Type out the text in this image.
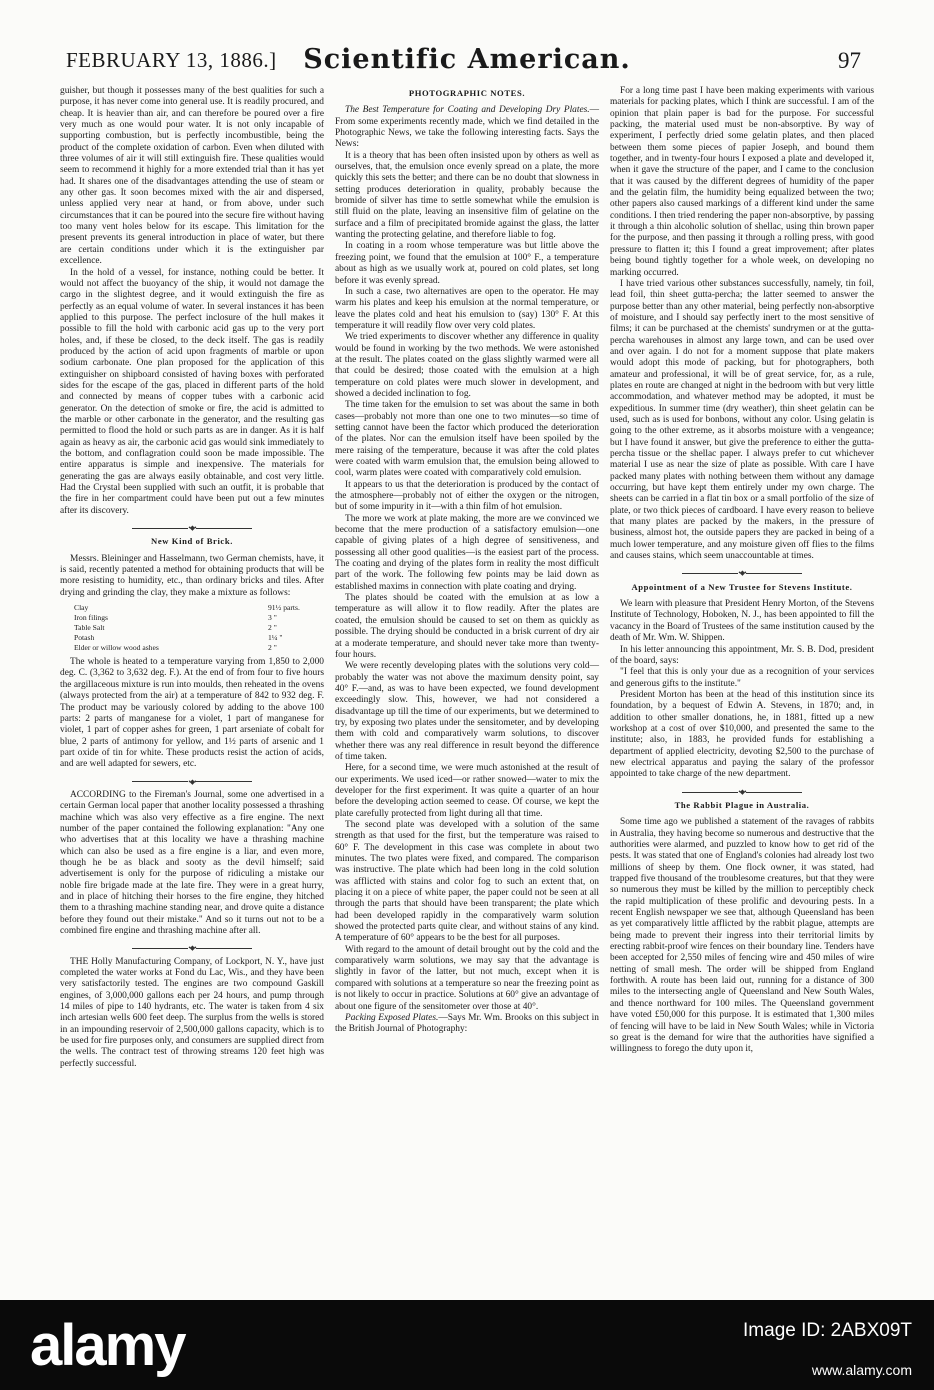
FEBRUARY 13, 1886.] Scientific American.	97

guisher, but though it possesses many of the best qualities for such a purpose, it has never come into general use. It is readily procured, and cheap. It is heavier than air, and can therefore be poured over a fire very much as one would pour water. It is not only incapable of supporting combustion, but is perfectly incombustible, being the product of the complete oxidation of carbon. Even when diluted with three volumes of air it will still extinguish fire. These qualities would seem to recommend it highly for a more extended trial than it has yet had. It shares one of the disadvantages attending the use of steam or any other gas. It soon becomes mixed with the air and dispersed, unless applied very near at hand, or from above, under such circumstances that it can be poured into the secure fire without having too many vent holes below for its escape. This limitation for the present prevents its general introduction in place of water, but there are certain conditions under which it is the extinguisher par excellence.

In the hold of a vessel, for instance, nothing could be better. It would not affect the buoyancy of the ship, it would not damage the cargo in the slightest degree, and it would extinguish the fire as perfectly as an equal volume of water. In several instances it has been applied to this purpose. The perfect inclosure of the hull makes it possible to fill the hold with carbonic acid gas up to the very port holes, and, if these be closed, to the deck itself. The gas is readily produced by the action of acid upon fragments of marble or upon sodium carbonate. One plan proposed for the application of this extinguisher on shipboard consisted of having boxes with perforated sides for the escape of the gas, placed in different parts of the hold and connected by means of copper tubes with a carbonic acid generator. On the detection of smoke or fire, the acid is admitted to the marble or other carbonate in the generator, and the resulting gas permitted to flood the hold or such parts as are in danger. As it is half again as heavy as air, the carbonic acid gas would sink immediately to the bottom, and conflagration could soon be made impossible. The entire apparatus is simple and inexpensive. The materials for generating the gas are always easily obtainable, and cost very little. Had the Crystal been supplied with such an outfit, it is probable that the fire in her compartment could have been put out a few minutes after its discovery.

•◆•
New Kind of Brick.

Messrs. Bleininger and Hasselmann, two German chemists, have, it is said, recently patented a method for obtaining products that will be more resisting to humidity, etc., than ordinary bricks and tiles. After drying and grinding the clay, they make a mixture as follows:

Clay	91½ parts.
Iron filings	3 "
Table Salt	2 "
Potash	1¼ "
Elder or willow wood ashes	2 "

The whole is heated to a temperature varying from 1,850 to 2,000 deg. C. (3,362 to 3,632 deg. F.). At the end of from four to five hours the argillaceous mixture is run into moulds, then reheated in the ovens (always protected from the air) at a temperature of 842 to 932 deg. F. The product may be variously colored by adding to the above 100 parts: 2 parts of manganese for a violet, 1 part of manganese for violet, 1 part of copper ashes for green, 1 part arseniate of cobalt for blue, 2 parts of antimony for yellow, and 1½ parts of arsenic and 1 part oxide of tin for white. These products resist the action of acids, and are well adapted for sewers, etc.

•◆•

ACCORDING to the Fireman's Journal, some one advertised in a certain German local paper that another locality possessed a thrashing machine which was also very effective as a fire engine. The next number of the paper contained the following explanation: "Any one who advertises that at this locality we have a thrashing machine which can also be used as a fire engine is a liar, and even more, though he be as black and sooty as the devil himself; said advertisement is only for the purpose of ridiculing a mistake our noble fire brigade made at the late fire. They were in a great hurry, and in place of hitching their horses to the fire engine, they hitched them to a thrashing machine standing near, and drove quite a distance before they found out their mistake." And so it turns out not to be a combined fire engine and thrashing machine after all.

•◆•

THE Holly Manufacturing Company, of Lockport, N. Y., have just completed the water works at Fond du Lac, Wis., and they have been very satisfactorily tested. The engines are two compound Gaskill engines, of 3,000,000 gallons each per 24 hours, and pump through 14 miles of pipe to 140 hydrants, etc. The water is taken from 4 six inch artesian wells 600 feet deep. The surplus from the wells is stored in an impounding reservoir of 2,500,000 gallons capacity, which is to be used for fire purposes only, and consumers are supplied direct from the wells. The contract test of throwing streams 120 feet high was perfectly successful.

PHOTOGRAPHIC NOTES.

The Best Temperature for Coating and Developing Dry Plates.—From some experiments recently made, which we find detailed in the Photographic News, we take the following interesting facts. Says the News:

It is a theory that has been often insisted upon by others as well as ourselves, that, the emulsion once evenly spread on a plate, the more quickly this sets the better; and there can be no doubt that slowness in setting produces deterioration in quality, probably because the bromide of silver has time to settle somewhat while the emulsion is still fluid on the plate, leaving an insensitive film of gelatine on the surface and a film of precipitated bromide against the glass, the latter wanting the protecting gelatine, and therefore liable to fog.

In coating in a room whose temperature was but little above the freezing point, we found that the emulsion at 100° F., a temperature about as high as we usually work at, poured on cold plates, set long before it was evenly spread.

In such a case, two alternatives are open to the operator. He may warm his plates and keep his emulsion at the normal temperature, or leave the plates cold and heat his emulsion to (say) 130° F. At this temperature it will readily flow over very cold plates.

We tried experiments to discover whether any difference in quality would be found in working by the two methods. We were astonished at the result. The plates coated on the glass slightly warmed were all that could be desired; those coated with the emulsion at a high temperature on cold plates were much slower in development, and showed a decided inclination to fog.

The time taken for the emulsion to set was about the same in both cases—probably not more than one one to two minutes—so time of setting cannot have been the factor which produced the deterioration of the plates. Nor can the emulsion itself have been spoiled by the mere raising of the temperature, because it was after the cold plates were coated with warm emulsion that, the emulsion being allowed to cool, warm plates were coated with comparatively cold emulsion.

It appears to us that the deterioration is produced by the contact of the atmosphere—probably not of either the oxygen or the nitrogen, but of some impurity in it—with a thin film of hot emulsion.

The more we work at plate making, the more are we convinced we become that the mere production of a satisfactory emulsion—one capable of giving plates of a high degree of sensitiveness, and possessing all other good qualities—is the easiest part of the process. The coating and drying of the plates form in reality the most difficult part of the work. The following few points may be laid down as established maxims in connection with plate coating and drying.

The plates should be coated with the emulsion at as low a temperature as will allow it to flow readily. After the plates are coated, the emulsion should be caused to set on them as quickly as possible. The drying should be conducted in a brisk current of dry air at a moderate temperature, and should never take more than twenty-four hours.

We were recently developing plates with the solutions very cold—probably the water was not above the maximum density point, say 40° F.—and, as was to have been expected, we found development exceedingly slow. This, however, we had not considered a disadvantage up till the time of our experiments, but we determined to try, by exposing two plates under the sensitometer, and by developing them with cold and comparatively warm solutions, to discover whether there was any real difference in result beyond the difference of time taken.

Here, for a second time, we were much astonished at the result of our experiments. We used iced—or rather snowed—water to mix the developer for the first experiment. It was quite a quarter of an hour before the developing action seemed to cease. Of course, we kept the plate carefully protected from light during all that time.

The second plate was developed with a solution of the same strength as that used for the first, but the temperature was raised to 60° F. The development in this case was complete in about two minutes. The two plates were fixed, and compared. The comparison was instructive. The plate which had been long in the cold solution was afflicted with stains and color fog to such an extent that, on placing it on a piece of white paper, the paper could not be seen at all through the parts that should have been transparent; the plate which had been developed rapidly in the comparatively warm solution showed the protected parts quite clear, and without stains of any kind. A temperature of 60° appears to be the best for all purposes.

With regard to the amount of detail brought out by the cold and the comparatively warm solutions, we may say that the advantage is slightly in favor of the latter, but not much, except when it is compared with solutions at a temperature so near the freezing point as is not likely to occur in practice. Solutions at 60° give an advantage of about one figure of the sensitometer over those at 40°.

Packing Exposed Plates.—Says Mr. Wm. Brooks on this subject in the British Journal of Photography:

For a long time past I have been making experiments with various materials for packing plates, which I think are successful. I am of the opinion that plain paper is bad for the purpose. For successful packing, the material used must be non-absorptive. By way of experiment, I perfectly dried some gelatin plates, and then placed between them some pieces of papier Joseph, and bound them together, and in twenty-four hours I exposed a plate and developed it, when it gave the structure of the paper, and I came to the conclusion that it was caused by the different degrees of humidity of the paper and the gelatin film, the humidity being equalized between the two; other papers also caused markings of a different kind under the same conditions. I then tried rendering the paper non-absorptive, by passing it through a thin alcoholic solution of shellac, using thin brown paper for the purpose, and then passing it through a rolling press, with good pressure to flatten it; this I found a great improvement; after plates being bound tightly together for a whole week, on developing no marking occurred.

I have tried various other substances successfully, namely, tin foil, lead foil, thin sheet gutta-percha; the latter seemed to answer the purpose better than any other material, being perfectly non-absorptive of moisture, and I should say perfectly inert to the most sensitive of films; it can be purchased at the chemists' sundrymen or at the gutta-percha warehouses in almost any large town, and can be used over and over again. I do not for a moment suppose that plate makers would adopt this mode of packing, but for photographers, both amateur and professional, it will be of great service, for, as a rule, plates en route are changed at night in the bedroom with but very little accommodation, and whatever method may be adopted, it must be expeditious. In summer time (dry weather), thin sheet gelatin can be used, such as is used for bonbons, without any color. Using gelatin is going to the other extreme, as it absorbs moisture with a vengeance; but I have found it answer, but give the preference to either the gutta-percha tissue or the shellac paper. I always prefer to cut whichever material I use as near the size of plate as possible. With care I have packed many plates with nothing between them without any damage occurring, but have kept them entirely under my own charge. The sheets can be carried in a flat tin box or a small portfolio of the size of plate, or two thick pieces of cardboard. I have every reason to believe that many plates are packed by the makers, in the pressure of business, almost hot, the outside papers they are packed in being of a much lower temperature, and any moisture given off flies to the films and causes stains, which seem unaccountable at times.

•◆•
Appointment of a New Trustee for Stevens Institute.

We learn with pleasure that President Henry Morton, of the Stevens Institute of Technology, Hoboken, N. J., has been appointed to fill the vacancy in the Board of Trustees of the same institution caused by the death of Mr. Wm. W. Shippen.

In his letter announcing this appointment, Mr. S. B. Dod, president of the board, says:

"I feel that this is only your due as a recognition of your services and generous gifts to the institute."

President Morton has been at the head of this institution since its foundation, by a bequest of Edwin A. Stevens, in 1870; and, in addition to other smaller donations, he, in 1881, fitted up a new workshop at a cost of over $10,000, and presented the same to the institute; also, in 1883, he provided funds for establishing a department of applied electricity, devoting $2,500 to the purchase of new electrical apparatus and paying the salary of the professor appointed to take charge of the new department.

•◆•
The Rabbit Plague in Australia.

Some time ago we published a statement of the ravages of rabbits in Australia, they having become so numerous and destructive that the authorities were alarmed, and puzzled to know how to get rid of the pests. It was stated that one of England's colonies had already lost two millions of sheep by them. One flock owner, it was stated, had trapped five thousand of the troublesome creatures, but that they were so numerous they must be killed by the million to perceptibly check the rapid multiplication of these prolific and devouring pests. In a recent English newspaper we see that, although Queensland has been as yet comparatively little afflicted by the rabbit plague, attempts are being made to prevent their ingress into their territorial limits by erecting rabbit-proof wire fences on their boundary line. Tenders have been accepted for 2,550 miles of fencing wire and 450 miles of wire netting of small mesh. The order will be shipped from England forthwith. A route has been laid out, running for a distance of 300 miles to the intersecting angle of Queensland and New South Wales, and thence northward for 100 miles. The Queensland government have voted £50,000 for this purpose. It is estimated that 1,300 miles of fencing will have to be laid in New South Wales; while in Victoria so great is the demand for wire that the authorities have signified a willingness to forego the duty upon it,

alamy	Image ID: 2ABX09T
www.alamy.com
